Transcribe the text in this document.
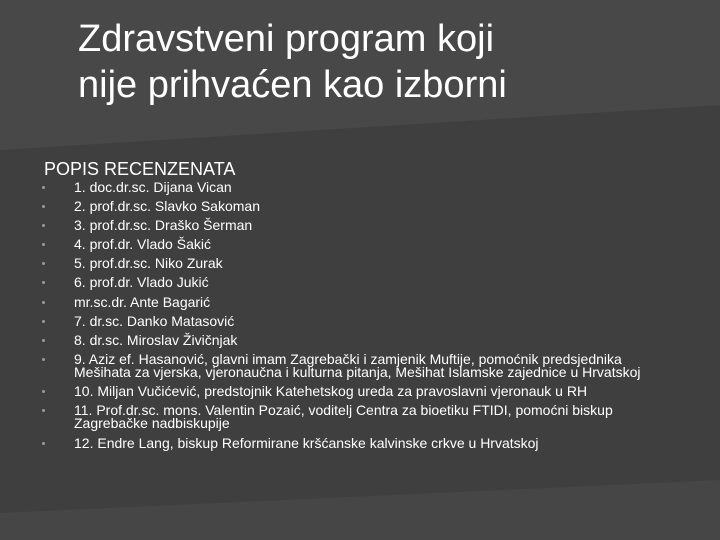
Zdravstveni program koji
nije prihvaćen kao izborni
POPIS RECENZENATA
1. doc.dr.sc. Dijana Vican
2. prof.dr.sc. Slavko Sakoman
3. prof.dr.sc. Draško Šerman
4. prof.dr. Vlado Šakić
5. prof.dr.sc. Niko Zurak
6. prof.dr. Vlado Jukić
mr.sc.dr. Ante Bagarić
7. dr.sc. Danko Matasović
8. dr.sc. Miroslav Živičnjak
9. Aziz ef. Hasanović, glavni imam Zagrebački i zamjenik Muftije, pomoćnik predsjednika Mešihata za vjerska, vjeronaučna i kulturna pitanja, Mešihat Islamske zajednice u Hrvatskoj
10. Miljan Vučićević, predstojnik Katehetskog ureda za pravoslavni vjeronauk u RH
11. Prof.dr.sc. mons. Valentin Pozaić, voditelj Centra za bioetiku FTIDI, pomoćni biskup Zagrebačke nadbiskupije
12. Endre Lang, biskup Reformirane kršćanske kalvinske crkve u Hrvatskoj
